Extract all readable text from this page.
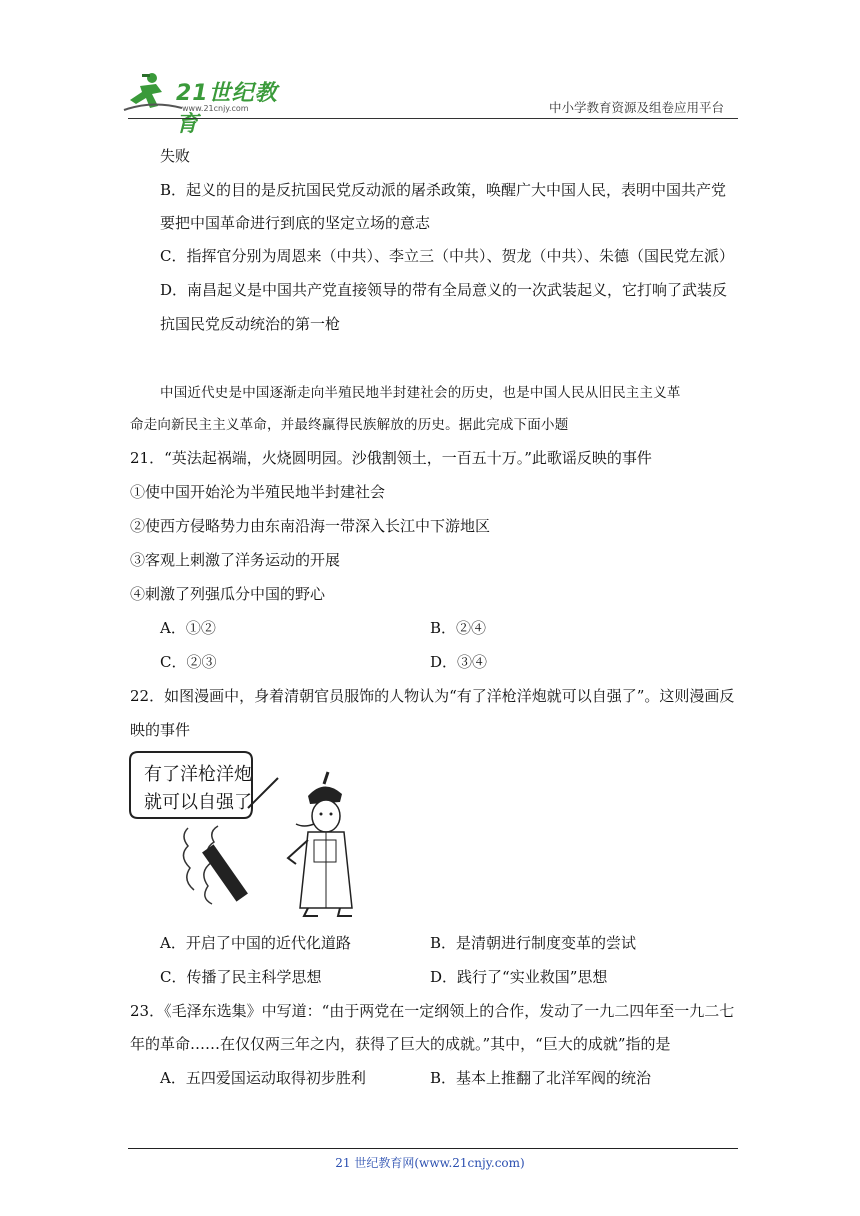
21世纪教育
www.21cnjy.com	中小学教育资源及组卷应用平台
失败
B．起义的目的是反抗国民党反动派的屠杀政策，唤醒广大中国人民，表明中国共产党
要把中国革命进行到底的坚定立场的意志
C．指挥官分别为周恩来（中共）、李立三（中共）、贺龙（中共）、朱德（国民党左派）
D．南昌起义是中国共产党直接领导的带有全局意义的一次武装起义，它打响了武装反
抗国民党反动统治的第一枪
中国近代史是中国逐渐走向半殖民地半封建社会的历史，也是中国人民从旧民主主义革
命走向新民主主义革命，并最终赢得民族解放的历史。据此完成下面小题
21．“英法起祸端，火烧圆明园。沙俄割领土，一百五十万。”此歌谣反映的事件
①使中国开始沦为半殖民地半封建社会
②使西方侵略势力由东南沿海一带深入长江中下游地区
③客观上刺激了洋务运动的开展
④刺激了列强瓜分中国的野心
A．①②	B．②④
C．②③	D．③④
22．如图漫画中，身着清朝官员服饰的人物认为“有了洋枪洋炮就可以自强了”。这则漫画反
映的事件
有了洋枪洋炮
就可以自强了
A．开启了中国的近代化道路	B．是清朝进行制度变革的尝试
C．传播了民主科学思想	D．践行了“实业救国”思想
23．《毛泽东选集》中写道：“由于两党在一定纲领上的合作，发动了一九二四年至一九二七
年的革命……在仅仅两三年之内，获得了巨大的成就。”其中，“巨大的成就”指的是
A．五四爱国运动取得初步胜利	B．基本上推翻了北洋军阀的统治
21 世纪教育网(www.21cnjy.com)
